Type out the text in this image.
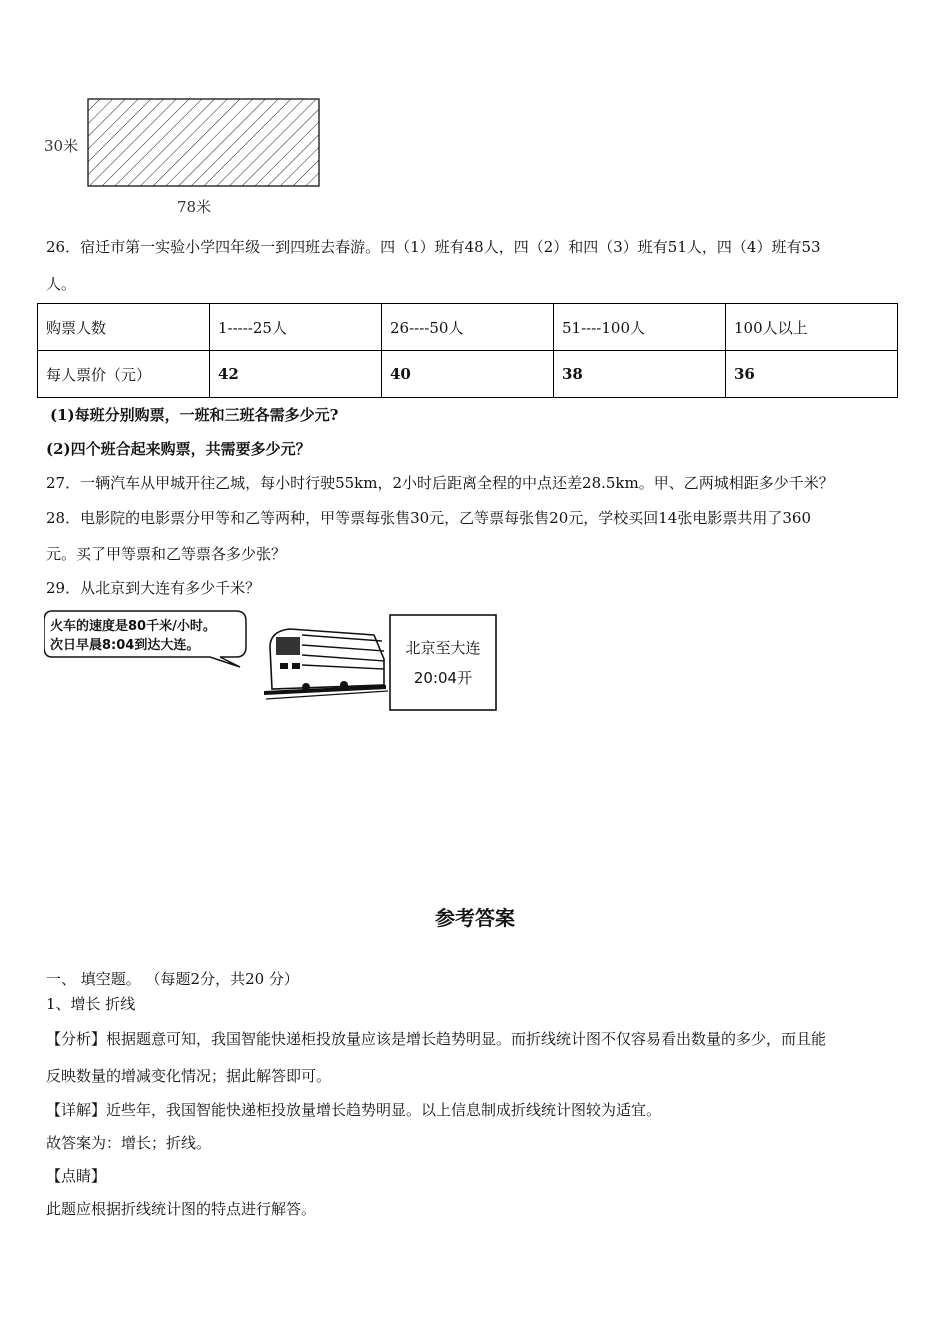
30米
78米
26．宿迁市第一实验小学四年级一到四班去春游。四（1）班有48人，四（2）和四（3）班有51人，四（4）班有53
人。
购票人数	1-----25人	26----50人	51----100人	100人以上
每人票价（元）	42	40	38	36
(1)每班分别购票，一班和三班各需多少元?
(2)四个班合起来购票，共需要多少元？
27．一辆汽车从甲城开往乙城，每小时行驶55km，2小时后距离全程的中点还差28.5km。甲、乙两城相距多少千米？
28．电影院的电影票分甲等和乙等两种，甲等票每张售30元，乙等票每张售20元，学校买回14张电影票共用了360
元。买了甲等票和乙等票各多少张？
29．从北京到大连有多少千米？
火车的速度是80千米/小时。
次日早晨8:04到达大连。	北京至大连
20:04开
参考答案
一、 填空题。 （每题2分，共20 分）
1、增长 折线
【分析】根据题意可知，我国智能快递柜投放量应该是增长趋势明显。而折线统计图不仅容易看出数量的多少，而且能
反映数量的增减变化情况；据此解答即可。
【详解】近些年，我国智能快递柜投放量增长趋势明显。以上信息制成折线统计图较为适宜。
故答案为：增长；折线。
【点睛】
此题应根据折线统计图的特点进行解答。
